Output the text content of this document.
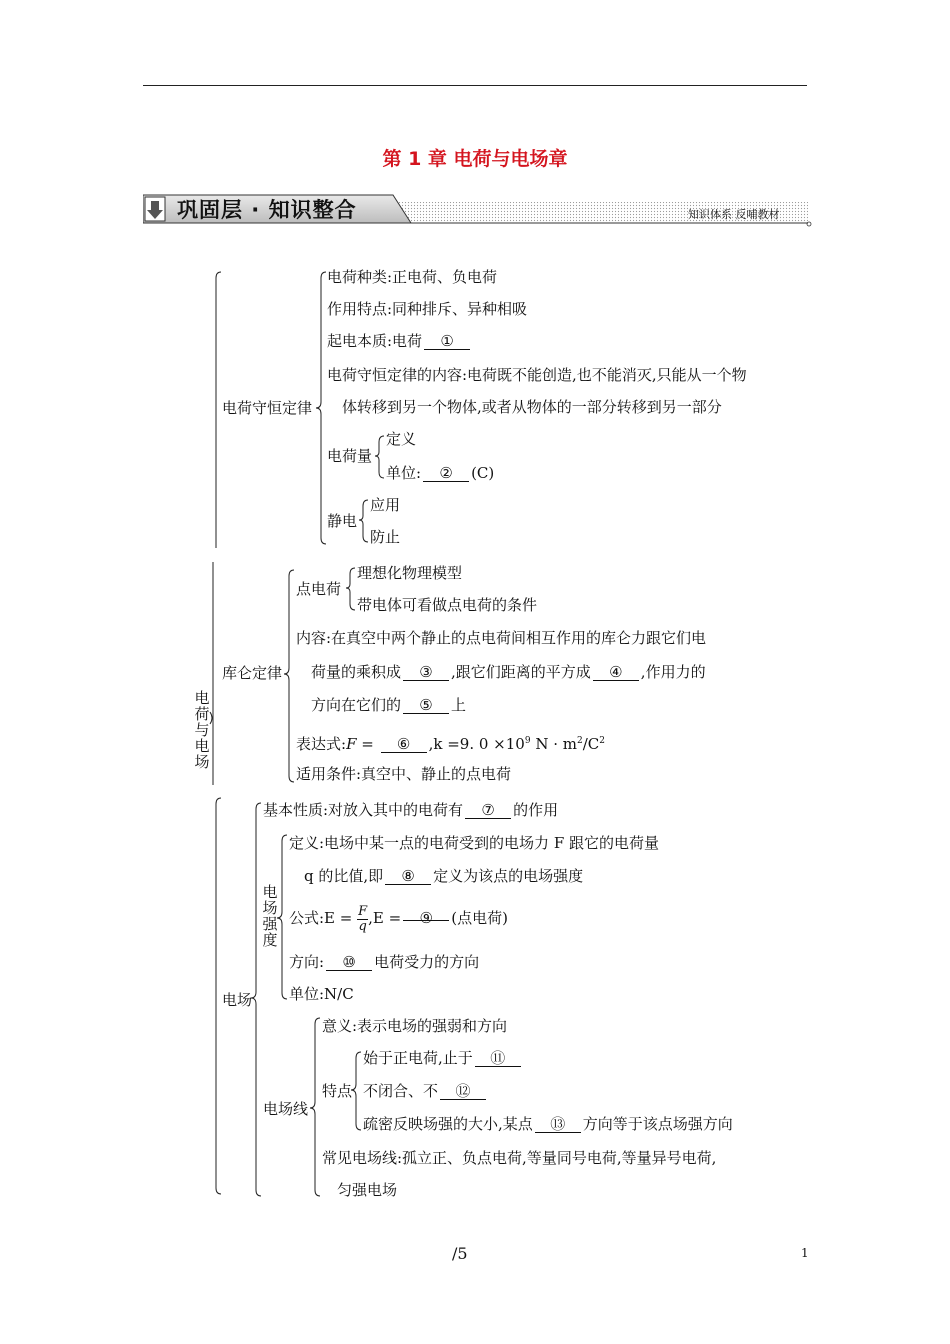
第 1 章 电荷与电场章
巩固层 · 知识整合	知识体系 反哺教材
电荷与电场
电荷守恒定律
电荷种类:正电荷、负电荷
作用特点:同种排斥、异种相吸
起电本质:电荷 ①
电荷守恒定律的内容:电荷既不能创造,也不能消灭,只能从一个物
体转移到另一个物体,或者从物体的一部分转移到另一部分
电荷量
定义
单位: ② (C)
静电
应用
防止
库仑定律
点电荷
理想化物理模型
带电体可看做点电荷的条件
内容:在真空中两个静止的点电荷间相互作用的库仑力跟它们电
荷量的乘积成 ③ ,跟它们距离的平方成 ④ ,作用力的
方向在它们的 ⑤ 上
表达式:F = ⑥ ,k =9. $0 \times 10^9$ $N \cdot m^2/C^2$
适用条件:真空中、静止的点电荷
电场
基本性质:对放入其中的电荷有 ⑦ 的作用
电场强度
定义:电场中某一点的电荷受到的电场力 F 跟它的电荷量
q 的比值,即 ⑧ 定义为该点的电场强度
公式:E = $\frac{F}{q} ,E$ = ⑨ (点电荷)
方向: ⑩ 电荷受力的方向
单位:N/C
电场线
意义:表示电场的强弱和方向
特点
始于正电荷,止于 ⑪
不闭合、不 ⑫
疏密反映场强的大小,某点 ⑬ 方向等于该点场强方向
常见电场线:孤立正、负点电荷,等量同号电荷,等量异号电荷,
匀强电场
/5	1
